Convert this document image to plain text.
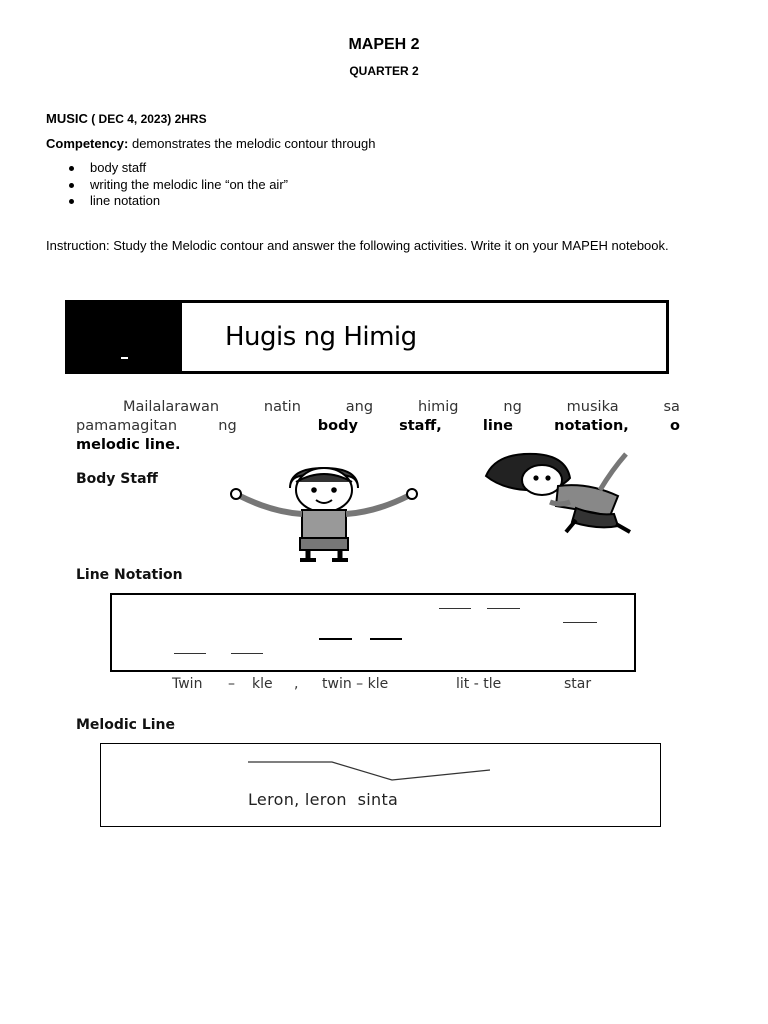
MAPEH 2
QUARTER 2
MUSIC ( DEC 4, 2023) 2HRS
Competency: demonstrates the melodic contour through
body staff
writing the melodic line “on the air”
line notation
Instruction: Study the Melodic contour and answer the following activities. Write it on your MAPEH notebook.
Hugis ng Himig
Mailalarawan	natin	ang	himig	ng	musika	sa
pamamagitan	ng	body	staff,	line	notation,	o
melodic line.
Body Staff
Line Notation
Twin – kle , twin – kle	lit - tle	star
Melodic Line
Leron, leron  sinta
